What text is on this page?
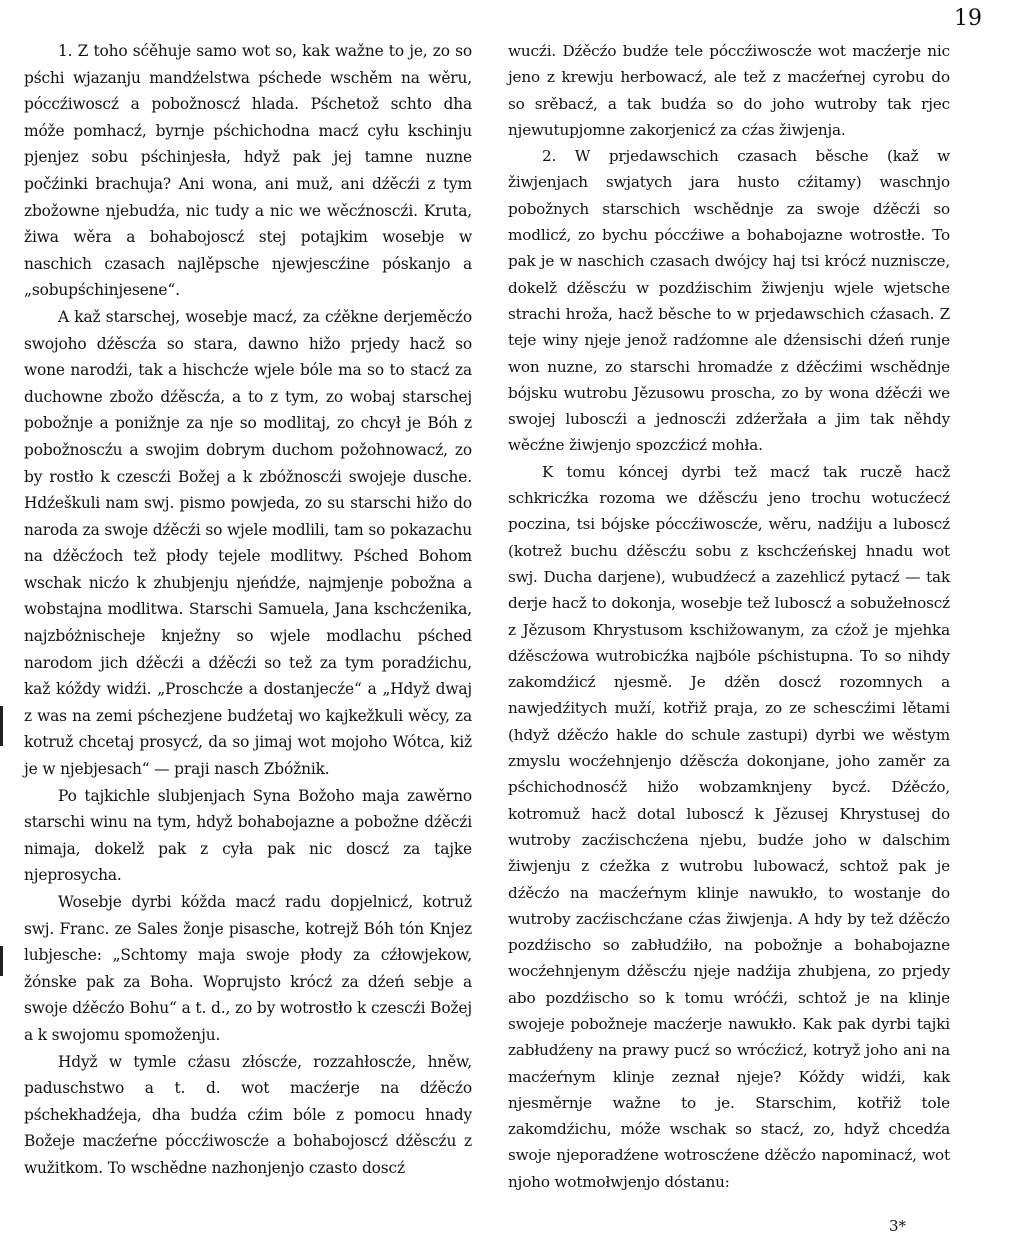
19

1. Z toho sćěhuje samo wot so, kak wažne to je, zo so pśchi wjazanju mandźelstwa pśchede wschěm na wěru, póccźiwoscź a pobožnoscź hlada. Pśchetož schto dha móže pomhacź, byrnje pśchichodna macź cyłu kschinju pjenjez sobu pśchinjesła, hdyž pak jej tamne nuzne počźinki brachuja? Ani wona, ani muž, ani dźěcźi z tym zbožowne njebudźa, nic tudy a nic we wěcźnoscźi. Kruta, žiwa wěra a bohabojoscź stej potajkim wosebje w naschich czasach najlěpsche njewjescźine póskanjo a „sobupśchinjesene“.

A kaž starschej, wosebje macź, za cźěkne derjeměcźo swojoho dźěscźa so stara, dawno hižo prjedy hacž so wone narodźi, tak a hischcźe wjele bóle ma so to stacź za duchowne zbožo dźěscźa, a to z tym, zo wobaj starschej pobožnje a ponižnje za nje so modlitaj, zo chcył je Bóh z pobožnoscźu a swojim dobrym duchom požohnowacź, zo by rostło k czescźi Božej a k zbóžnoscźi swojeje dusche. Hdźeškuli nam swj. pismo powjeda, zo su starschi hižo do naroda za swoje dźěcźi so wjele modlili, tam so pokazachu na dźěcźoch tež płody tejele modlitwy. Pśched Bohom wschak nicźo k zhubjenju njeńdźe, najmjenje pobožna a wobstajna modlitwa. Starschi Samuela, Jana kschcźenika, najzbóżnischeje knježny so wjele modlachu pśched narodom jich dźěcźi a dźěcźi so tež za tym poradźichu, kaž kóždy widźi. „Proschcźe a dostanjecźe“ a „Hdyž dwaj z was na zemi pśchezjene budźetaj wo kajkežkuli wěcy, za kotruž chcetaj prosycź, da so jimaj wot mojoho Wótca, kiž je w njebjesach“ — praji nasch Zbóžnik.

Po tajkichle slubjenjach Syna Božoho maja zawěrno starschi winu na tym, hdyž bohabojazne a pobožne dźěcźi nimaja, dokelž pak z cyła pak nic doscź za tajke njeprosycha.

Wosebje dyrbi kóžda macź radu dopjelnicź, kotruž swj. Franc. ze Sales žonje pisasche, kotrejž Bóh tón Knjez lubjesche: „Schtomy maja swoje płody za cźłowjekow, žónske pak za Boha. Woprujsto krócź za dźeń sebje a swoje dźěcźo Bohu“ a t. d., zo by wotrostło k czescźi Božej a k swojomu spomoženju.

Hdyž w tymle cźasu złóscźe, rozzahłoscźe, hněw, paduschstwo a t. d. wot macźerje na dźěcźo pśchekhadźeja, dha budźa cźim bóle z pomocu hnady Božeje macźeŕne póccźiwoscźe a bohabojoscź dźěscźu z wužitkom. To wschědne nazhonjenjo czasto doscź

wucźi. Dźěcźo budźe tele póccźiwoscźe wot macźerje nic jeno z krewju herbowacź, ale tež z macźeŕnej cyrobu do so srěbacź, a tak budźa so do joho wutroby tak rjec njewutupjomne zakorjenicź za cźas žiwjenja.

2. W prjedawschich czasach běsche (kaž w žiwjenjach swjatych jara husto cźitamy) waschnjo pobožnych starschich wschědnje za swoje dźěcźi so modlicź, zo bychu póccźiwe a bohabojazne wotrostłe. To pak je w naschich czasach dwójcy haj tsi krócź nuzniscze, dokelž dźěscźu w pozdźischim žiwjenju wjele wjetsche strachi hroža, hacž běsche to w prjedawschich cźasach. Z teje winy njeje jenož radźomne ale dźensischi dźeń runje won nuzne, zo starschi hromadźe z dźěcźimi wschědnje bójsku wutrobu Jězusowu proscha, zo by wona dźěcźi we swojej luboscźi a jednoscźi zdźeržała a jim tak něhdy wěcźne žiwjenjo spozcźicź mohła.

K tomu kóncej dyrbi tež macź tak ruczě hacž schkricźka rozoma we dźěscźu jeno trochu wotucźecź poczina, tsi bójske póccźiwoscźe, wěru, nadźiju a luboscź (kotrež buchu dźěscźu sobu z kschcźeńskej hnadu wot swj. Ducha darjene), wubudźecź a zazehlicź pytacź — tak derje hacž to dokonja, wosebje tež luboscź a sobužełnoscź z Jězusom Khrystusom kschižowanym, za cźož je mjehka dźěscźowa wutrobicźka najbóle pśchistupna. To so nihdy zakomdźicź njesmě. Je dźěn doscź rozomnych a nawjedźitych muží, kotřiž praja, zo ze schescźimi lětami (hdyž dźěcźo hakle do schule zastupi) dyrbi we wěstym zmyslu wocźehnjenjo dźěscźa dokonjane, joho zaměr za pśchichodnosćž hižo wobzamknjeny bycź. Dźěcźo, kotromuž hacž dotal luboscź k Jězusej Khrystusej do wutroby zacźischcźena njebu, budźe joho w dalschim žiwjenju z cźežka z wutrobu lubowacź, schtož pak je dźěcźo na macźeŕnym klinje nawukło, to wostanje do wutroby zacźischcźane cźas žiwjenja. A hdy by tež dźěcźo pozdźischo so zabłudźiło, na pobožnje a bohabojazne wocźehnjenym dźěscźu njeje nadźija zhubjena, zo prjedy abo pozdźischo so k tomu wróćźi, schtož je na klinje swojeje pobožneje macźerje nawukło. Kak pak dyrbi tajki zabłudźeny na prawy pucź so wrócźicź, kotryž joho ani na macźeŕnym klinje zeznał njeje? Kóždy widźi, kak njesměrnje wažne to je. Starschim, kotřiž tole zakomdźichu, móže wschak so stacź, zo, hdyž chcedźa swoje njeporadźene wotroscźene dźěcźo napominacź, wot njoho wotmołwjenjo dóstanu:

3*
